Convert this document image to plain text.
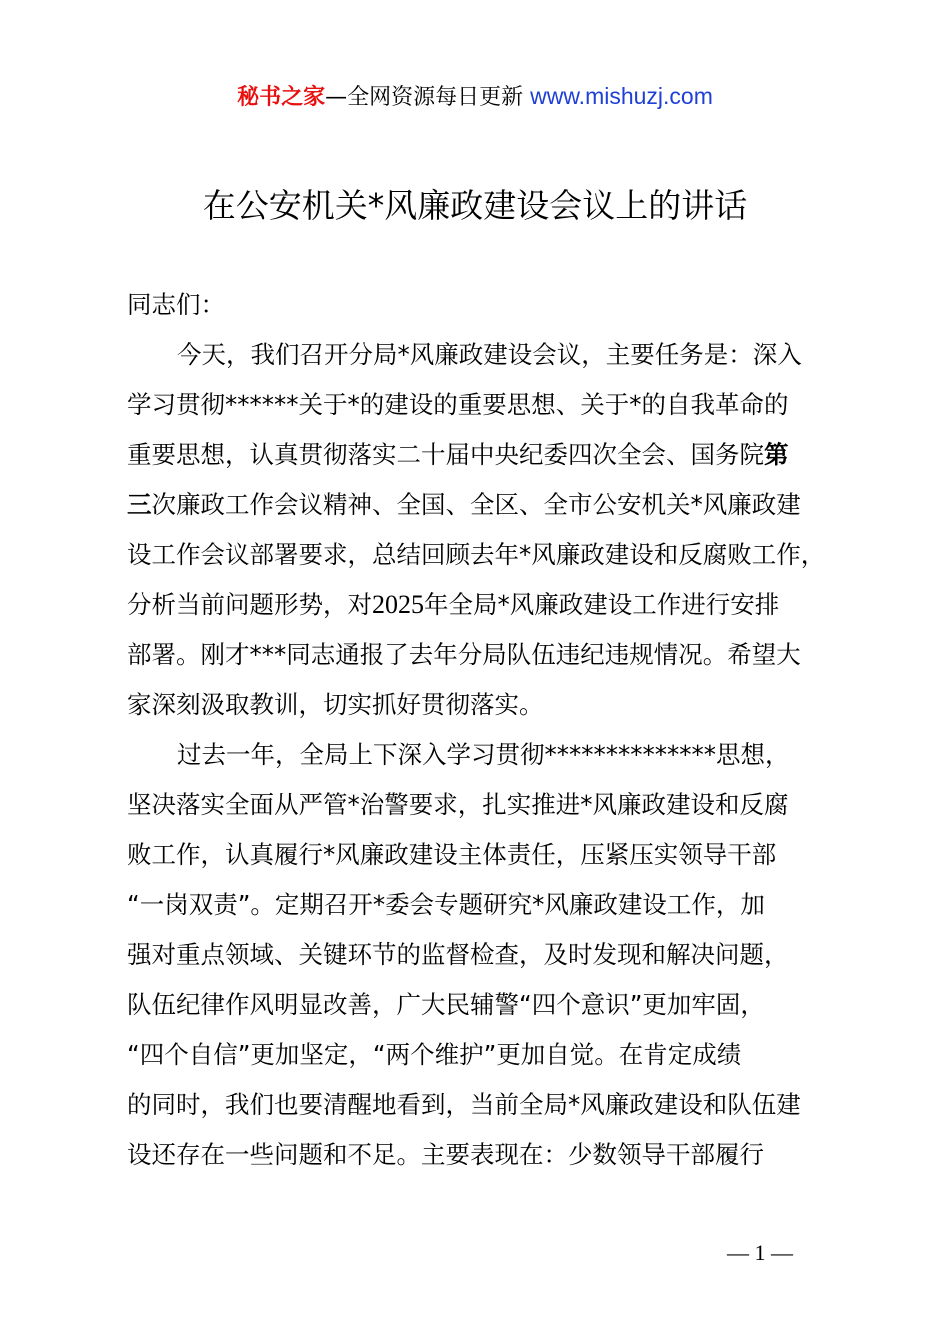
秘书之家—全网资源每日更新 www.mishuzj.com
在公安机关*风廉政建设会议上的讲话
同志们：
今天，我们召开分局*风廉政建设会议，主要任务是：深入
学习贯彻******关于*的建设的重要思想、关于*的自我革命的
重要思想，认真贯彻落实二十届中央纪委四次全会、国务院第
三次廉政工作会议精神、全国、全区、全市公安机关*风廉政建
设工作会议部署要求，总结回顾去年*风廉政建设和反腐败工作，
分析当前问题形势，对2025年全局*风廉政建设工作进行安排
部署。刚才***同志通报了去年分局队伍违纪违规情况。希望大
家深刻汲取教训，切实抓好贯彻落实。
过去一年，全局上下深入学习贯彻**************思想，
坚决落实全面从严管*治警要求，扎实推进*风廉政建设和反腐
败工作，认真履行*风廉政建设主体责任，压紧压实领导干部
“一岗双责”。定期召开*委会专题研究*风廉政建设工作，加
强对重点领域、关键环节的监督检查，及时发现和解决问题，
队伍纪律作风明显改善，广大民辅警“四个意识”更加牢固，
“四个自信”更加坚定，“两个维护”更加自觉。在肯定成绩
的同时，我们也要清醒地看到，当前全局*风廉政建设和队伍建
设还存在一些问题和不足。主要表现在：少数领导干部履行
— 1 —
